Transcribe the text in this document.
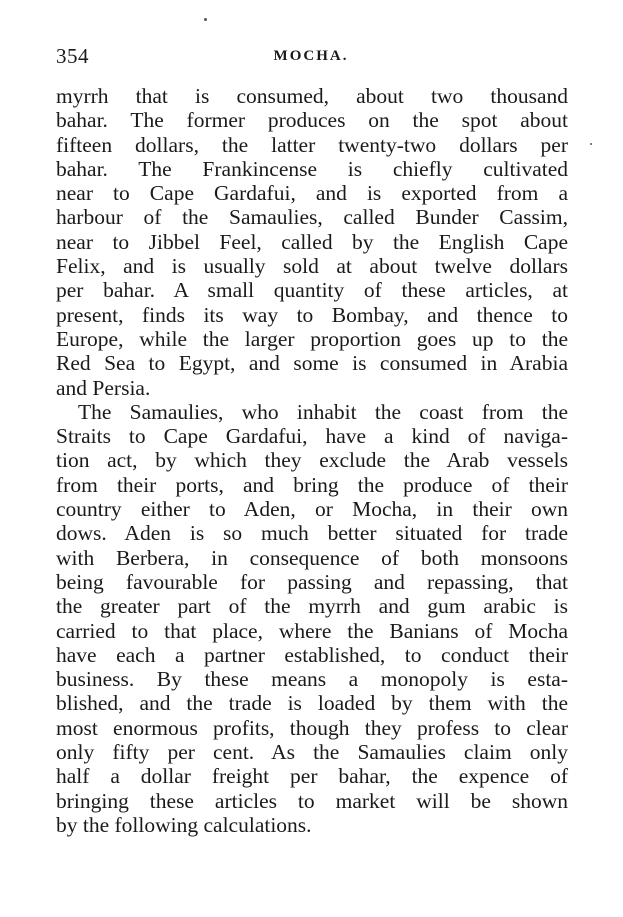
354	MOCHA.
myrrh that is consumed, about two thousand
bahar. The former produces on the spot about
fifteen dollars, the latter twenty-two dollars per
bahar. The Frankincense is chiefly cultivated
near to Cape Gardafui, and is exported from a
harbour of the Samaulies, called Bunder Cassim,
near to Jibbel Feel, called by the English Cape
Felix, and is usually sold at about twelve dollars
per bahar. A small quantity of these articles, at
present, finds its way to Bombay, and thence to
Europe, while the larger proportion goes up to the
Red Sea to Egypt, and some is consumed in Arabia
and Persia.
The Samaulies, who inhabit the coast from the
Straits to Cape Gardafui, have a kind of naviga-
tion act, by which they exclude the Arab vessels
from their ports, and bring the produce of their
country either to Aden, or Mocha, in their own
dows. Aden is so much better situated for trade
with Berbera, in consequence of both monsoons
being favourable for passing and repassing, that
the greater part of the myrrh and gum arabic is
carried to that place, where the Banians of Mocha
have each a partner established, to conduct their
business. By these means a monopoly is esta-
blished, and the trade is loaded by them with the
most enormous profits, though they profess to clear
only fifty per cent. As the Samaulies claim only
half a dollar freight per bahar, the expence of
bringing these articles to market will be shown
by the following calculations.
